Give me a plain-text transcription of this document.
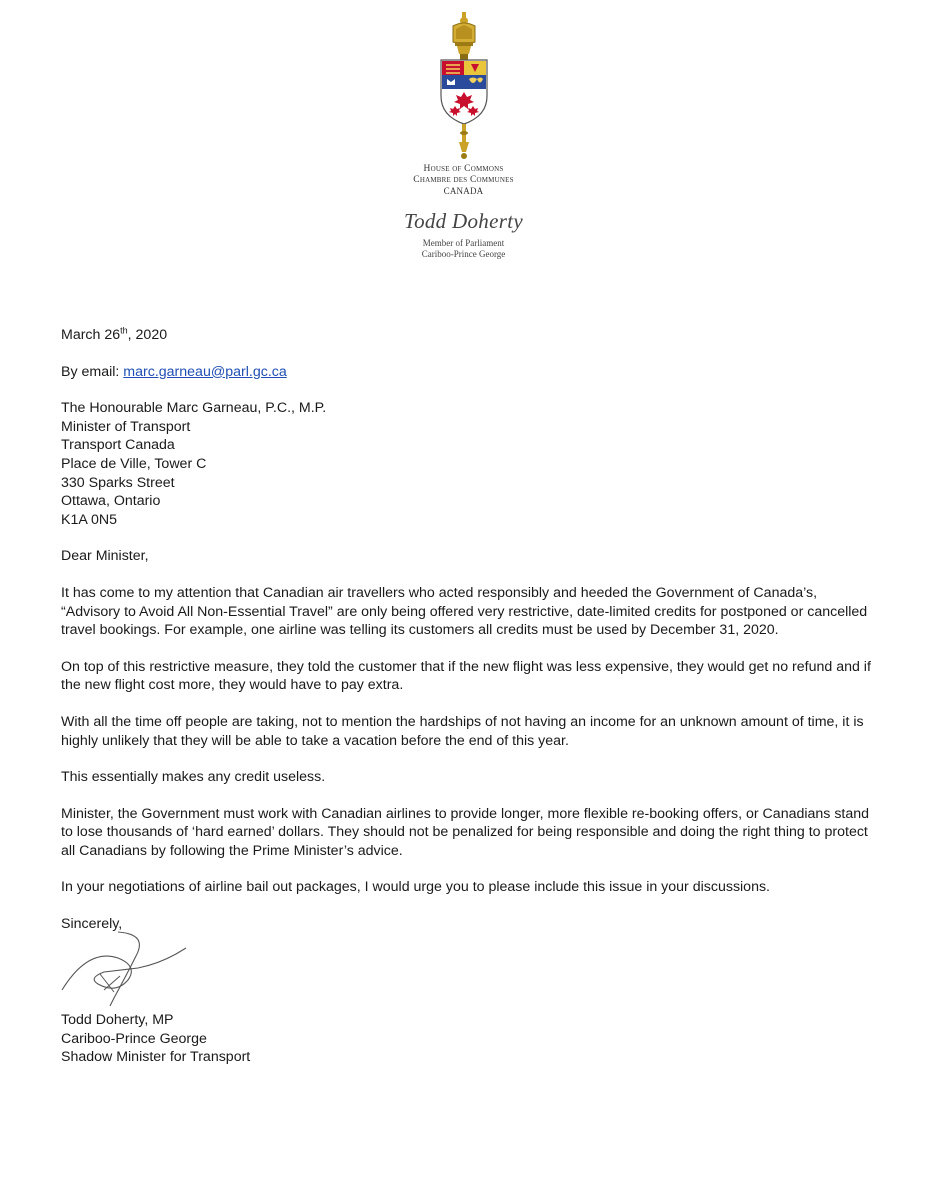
House of Commons
Chambre des Communes
CANADA
Todd Doherty
Member of Parliament
Cariboo-Prince George

March 26th, 2020

By email: marc.garneau@parl.gc.ca

The Honourable Marc Garneau, P.C., M.P.
Minister of Transport
Transport Canada
Place de Ville, Tower C
330 Sparks Street
Ottawa, Ontario
K1A 0N5

Dear Minister,

It has come to my attention that Canadian air travellers who acted responsibly and heeded the Government of Canada’s, “Advisory to Avoid All Non-Essential Travel” are only being offered very restrictive, date-limited credits for postponed or cancelled travel bookings. For example, one airline was telling its customers all credits must be used by December 31, 2020.

On top of this restrictive measure, they told the customer that if the new flight was less expensive, they would get no refund and if the new flight cost more, they would have to pay extra.

With all the time off people are taking, not to mention the hardships of not having an income for an unknown amount of time, it is highly unlikely that they will be able to take a vacation before the end of this year.

This essentially makes any credit useless.

Minister, the Government must work with Canadian airlines to provide longer, more flexible re-booking offers, or Canadians stand to lose thousands of ‘hard earned’ dollars. They should not be penalized for being responsible and doing the right thing to protect all Canadians by following the Prime Minister’s advice.

In your negotiations of airline bail out packages, I would urge you to please include this issue in your discussions.

Sincerely,

Todd Doherty, MP
Cariboo-Prince George
Shadow Minister for Transport
